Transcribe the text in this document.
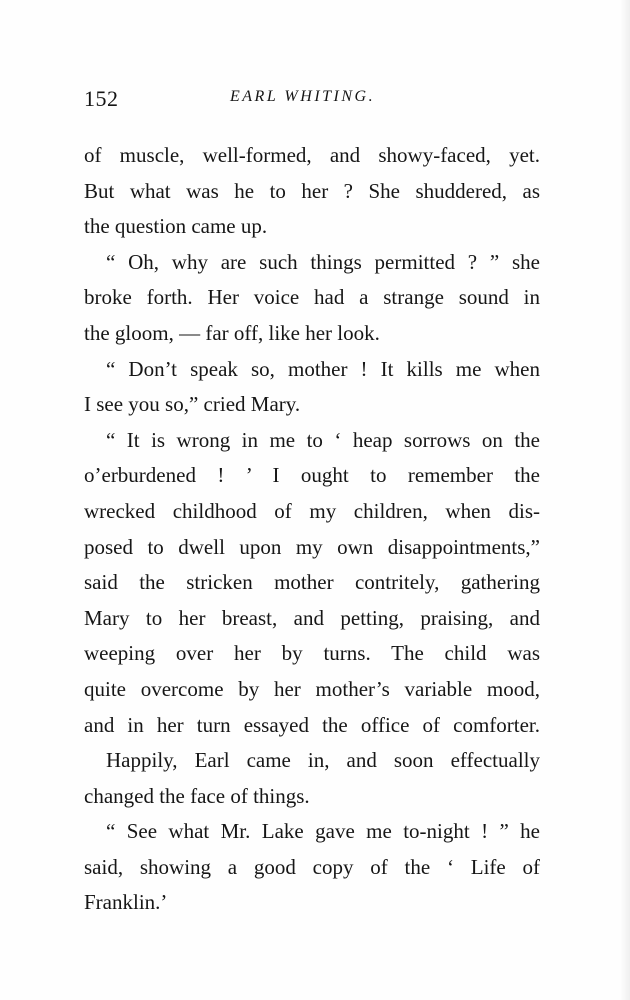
152	EARL WHITING.
of muscle, well-formed, and showy-faced, yet.
But what was he to her ? She shuddered, as
the question came up.
“ Oh, why are such things permitted ? ” she
broke forth. Her voice had a strange sound in
the gloom, — far off, like her look.
“ Don’t speak so, mother ! It kills me when
I see you so,” cried Mary.
“ It is wrong in me to ‘ heap sorrows on the
o’erburdened ! ’ I ought to remember the
wrecked childhood of my children, when dis-
posed to dwell upon my own disappointments,”
said the stricken mother contritely, gathering
Mary to her breast, and petting, praising, and
weeping over her by turns. The child was
quite overcome by her mother’s variable mood,
and in her turn essayed the office of comforter.
Happily, Earl came in, and soon effectually
changed the face of things.
“ See what Mr. Lake gave me to-night ! ” he
said, showing a good copy of the ‘ Life of
Franklin.’
